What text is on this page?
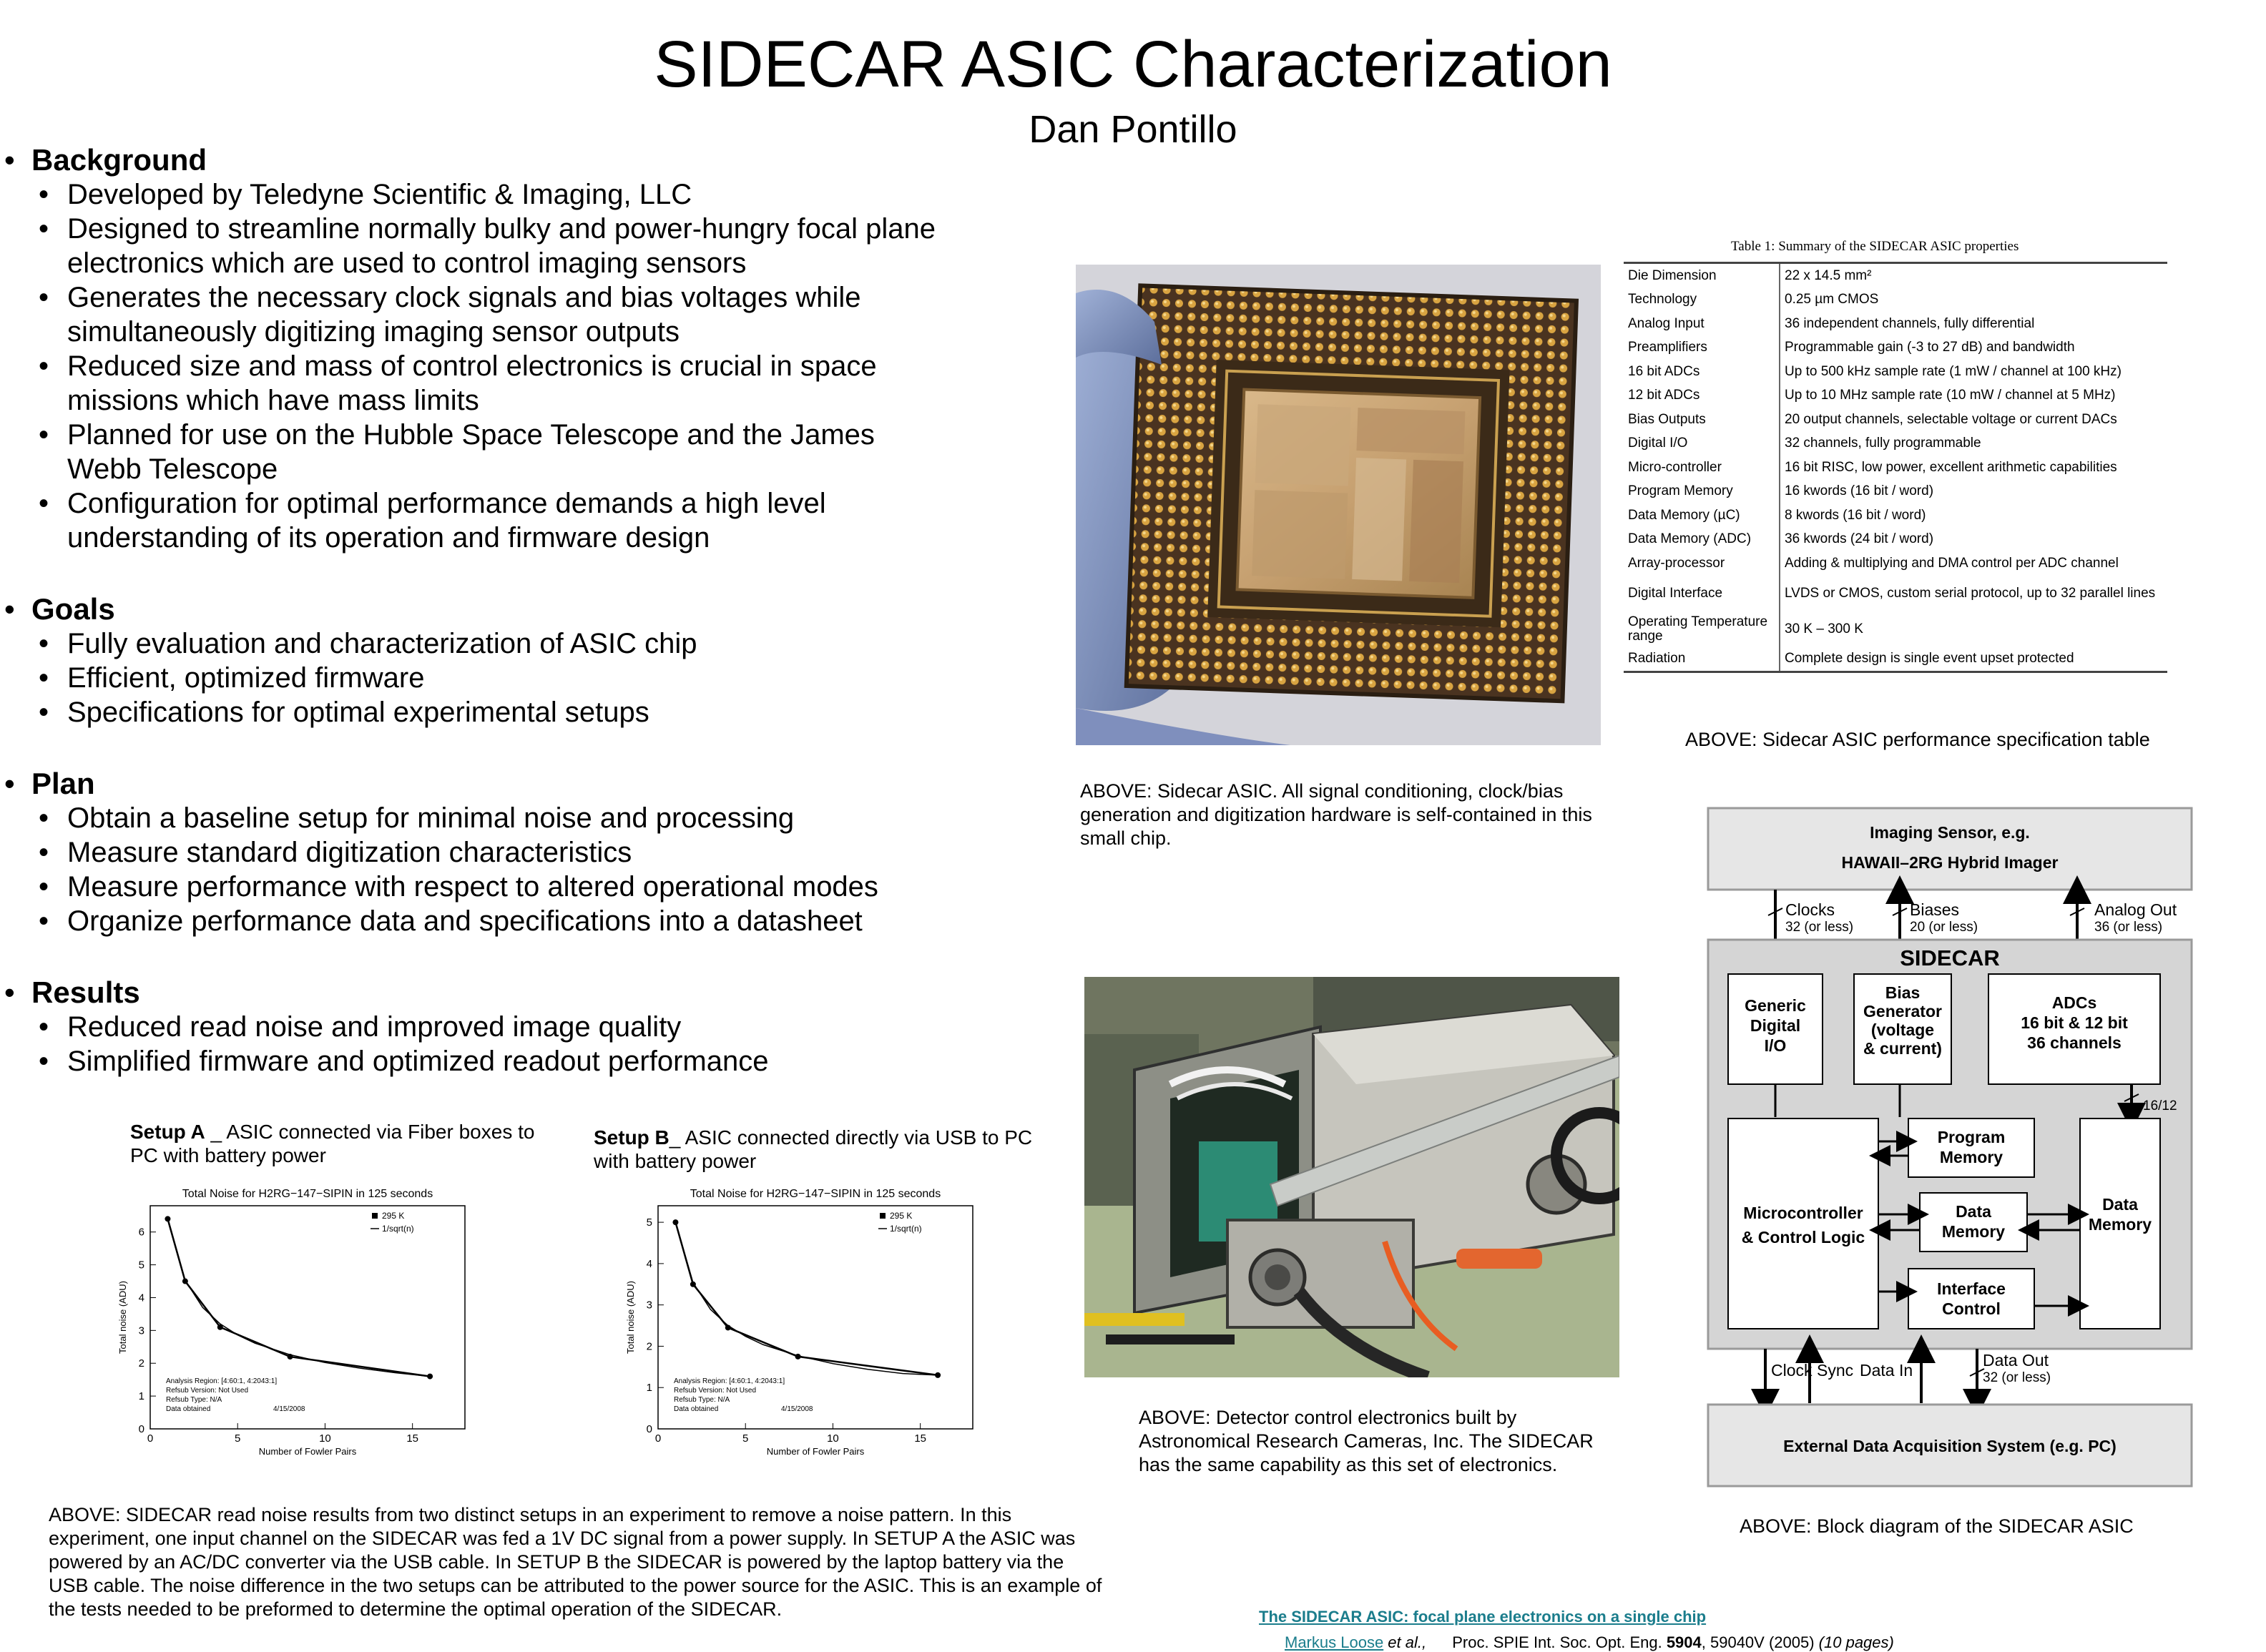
SIDECAR ASIC Characterization
Dan Pontillo
• Background
• Developed by Teledyne Scientific & Imaging, LLC
• Designed to streamline normally bulky and power-hungry focal plane electronics which are used to control imaging sensors
• Generates the necessary clock signals and bias voltages while simultaneously digitizing imaging sensor outputs
• Reduced size and mass of control electronics is crucial in space missions which have mass limits
• Planned for use on the Hubble Space Telescope and the James Webb Telescope
• Configuration for optimal performance demands a high level understanding of its operation and firmware design
• Goals
• Fully evaluation and characterization of ASIC chip
• Efficient, optimized firmware
• Specifications for optimal experimental setups
• Plan
• Obtain a baseline setup for minimal noise and processing
• Measure standard digitization characteristics
• Measure performance with respect to altered operational modes
• Organize performance data and specifications into a datasheet
• Results
• Reduced read noise and improved image quality
• Simplified firmware and optimized readout performance
Setup A _ ASIC connected via Fiber boxes to PC with battery power
Setup B_ ASIC connected directly via USB to PC with battery power
Total Noise for H2RG−147−SIPIN in 125 seconds
0	5	10	15
0
1
2
3
4
5
6
Number of Fowler Pairs
Total noise (ADU)
295 K
1/sqrt(n)
Analysis Region: [4:60:1, 4:2043:1]
Refsub Version: Not Used
Refsub Type: N/A
Data obtained	4/15/2008
Total Noise for H2RG−147−SIPIN in 125 seconds
0	5	10	15
0
1
2
3
4
5
Number of Fowler Pairs
Total noise (ADU)
295 K
1/sqrt(n)
Analysis Region: [4:60:1, 4:2043:1]
Refsub Version: Not Used
Refsub Type: N/A
Data obtained	4/15/2008
ABOVE: SIDECAR read noise results from two distinct setups in an experiment to remove a noise pattern. In this experiment, one input channel on the SIDECAR was fed a 1V DC signal from a power supply. In SETUP A the ASIC was powered by an AC/DC converter via the USB cable. In SETUP B the SIDECAR is powered by the laptop battery via the USB cable. The noise difference in the two setups can be attributed to the power source for the ASIC. This is an example of the tests needed to be preformed to determine the optimal operation of the SIDECAR.
ABOVE: Sidecar ASIC. All signal conditioning, clock/bias generation and digitization hardware is self-contained in this small chip.
Table 1: Summary of the SIDECAR ASIC properties
Die Dimension	22 x 14.5 mm²
Technology	0.25 µm CMOS
Analog Input	36 independent channels, fully differential
Preamplifiers	Programmable gain (-3 to 27 dB) and bandwidth
16 bit ADCs	Up to 500 kHz sample rate (1 mW / channel at 100 kHz)
12 bit ADCs	Up to 10 MHz sample rate (10 mW / channel at 5 MHz)
Bias Outputs	20 output channels, selectable voltage or current DACs
Digital I/O	32 channels, fully programmable
Micro-controller	16 bit RISC, low power, excellent arithmetic capabilities
Program Memory	16 kwords (16 bit / word)
Data Memory (µC)	8 kwords (16 bit / word)
Data Memory (ADC)	36 kwords (24 bit / word)
Array-processor	Adding & multiplying and DMA control per ADC channel
Digital Interface	LVDS or CMOS, custom serial protocol, up to 32 parallel lines
Operating Temperature range	30 K – 300 K
Radiation	Complete design is single event upset protected
ABOVE: Sidecar ASIC performance specification table
ABOVE: Detector control electronics built by Astronomical Research Cameras, Inc. The SIDECAR has the same capability as this set of electronics.
Imaging Sensor, e.g.
HAWAII–2RG Hybrid Imager
Clocks
32 (or less)
Biases
20 (or less)
Analog Out
36 (or less)
SIDECAR
Generic
Digital
I/O
Bias
Generator
(voltage
& current)
ADCs
16 bit & 12 bit
36 channels
16/12
Microcontroller
& Control Logic
Program
Memory
Data
Memory
Interface
Control
Data
Memory
Clock Sync Data In
Data Out
32 (or less)
External Data Acquisition System (e.g. PC)
ABOVE: Block diagram of the SIDECAR ASIC
The SIDECAR ASIC: focal plane electronics on a single chip
Markus Loose et al., Proc. SPIE Int. Soc. Opt. Eng. 5904, 59040V (2005) (10 pages)
